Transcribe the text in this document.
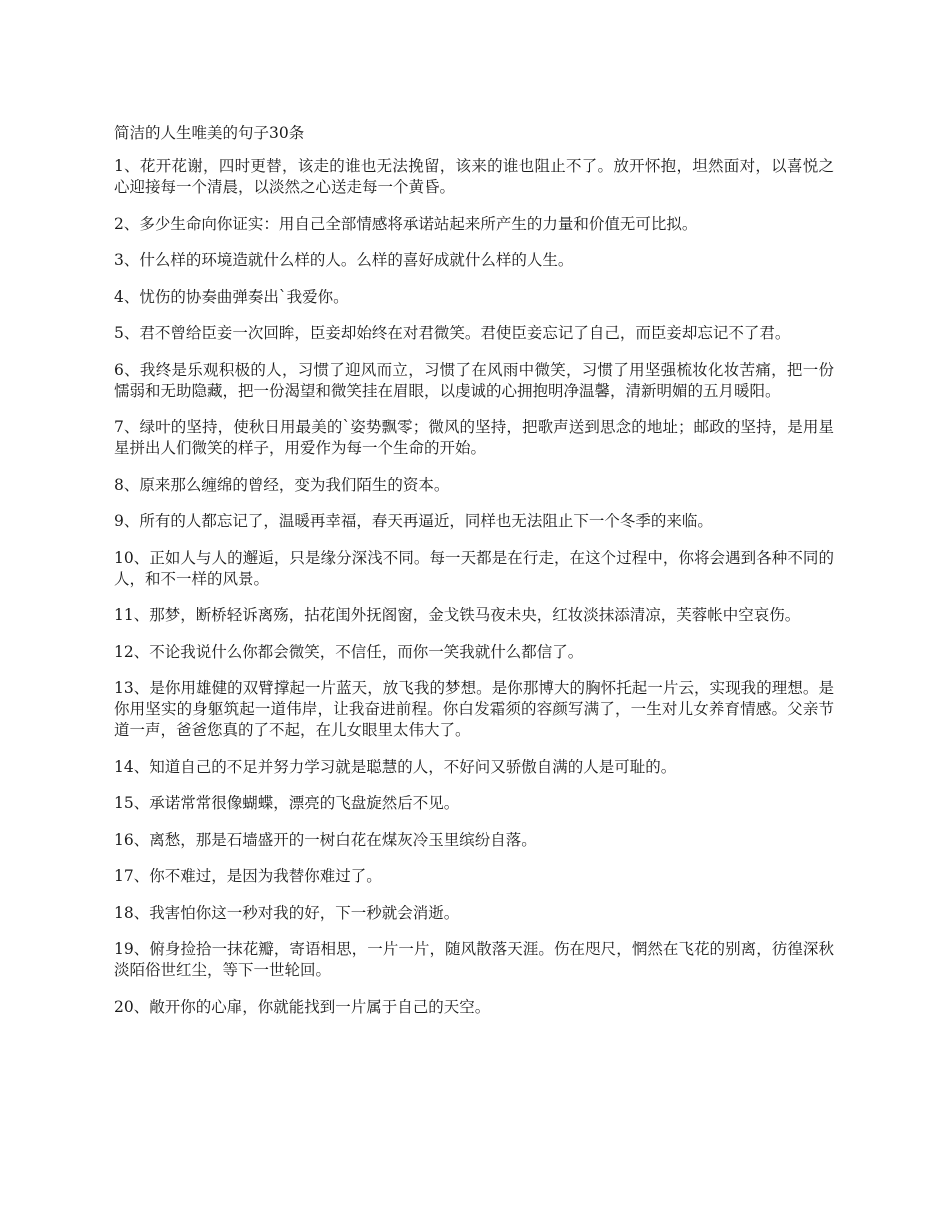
简洁的人生唯美的句子30条
1、花开花谢，四时更替，该走的谁也无法挽留，该来的谁也阻止不了。放开怀抱，坦然面对，以喜悦之心迎接每一个清晨，以淡然之心送走每一个黄昏。
2、多少生命向你证实：用自己全部情感将承诺站起来所产生的力量和价值无可比拟。
3、什么样的环境造就什么样的人。么样的喜好成就什么样的人生。
4、忧伤的协奏曲弹奏出`我爱你。
5、君不曾给臣妾一次回眸，臣妾却始终在对君微笑。君使臣妾忘记了自己，而臣妾却忘记不了君。
6、我终是乐观积极的人，习惯了迎风而立，习惯了在风雨中微笑，习惯了用坚强梳妆化妆苦痛，把一份懦弱和无助隐藏，把一份渴望和微笑挂在眉眼，以虔诚的心拥抱明净温馨，清新明媚的五月暖阳。
7、绿叶的坚持，使秋日用最美的`姿势飘零；微风的坚持，把歌声送到思念的地址；邮政的坚持，是用星星拼出人们微笑的样子，用爱作为每一个生命的开始。
8、原来那么缠绵的曾经，变为我们陌生的资本。
9、所有的人都忘记了，温暖再幸福，春天再逼近，同样也无法阻止下一个冬季的来临。
10、正如人与人的邂逅，只是缘分深浅不同。每一天都是在行走，在这个过程中，你将会遇到各种不同的人，和不一样的风景。
11、那梦，断桥轻诉离殇，拈花闺外抚阁窗，金戈铁马夜未央，红妆淡抹添清凉，芙蓉帐中空哀伤。
12、不论我说什么你都会微笑，不信任，而你一笑我就什么都信了。
13、是你用雄健的双臂撑起一片蓝天，放飞我的梦想。是你那博大的胸怀托起一片云，实现我的理想。是你用坚实的身躯筑起一道伟岸，让我奋进前程。你白发霜须的容颜写满了，一生对儿女养育情感。父亲节道一声，爸爸您真的了不起，在儿女眼里太伟大了。
14、知道自己的不足并努力学习就是聪慧的人，不好问又骄傲自满的人是可耻的。
15、承诺常常很像蝴蝶，漂亮的飞盘旋然后不见。
16、离愁，那是石墙盛开的一树白花在煤灰冷玉里缤纷自落。
17、你不难过，是因为我替你难过了。
18、我害怕你这一秒对我的好，下一秒就会消逝。
19、俯身捡拾一抹花瓣，寄语相思，一片一片，随风散落天涯。伤在咫尺，惘然在飞花的别离，彷徨深秋淡陌俗世红尘，等下一世轮回。
20、敞开你的心扉，你就能找到一片属于自己的天空。
